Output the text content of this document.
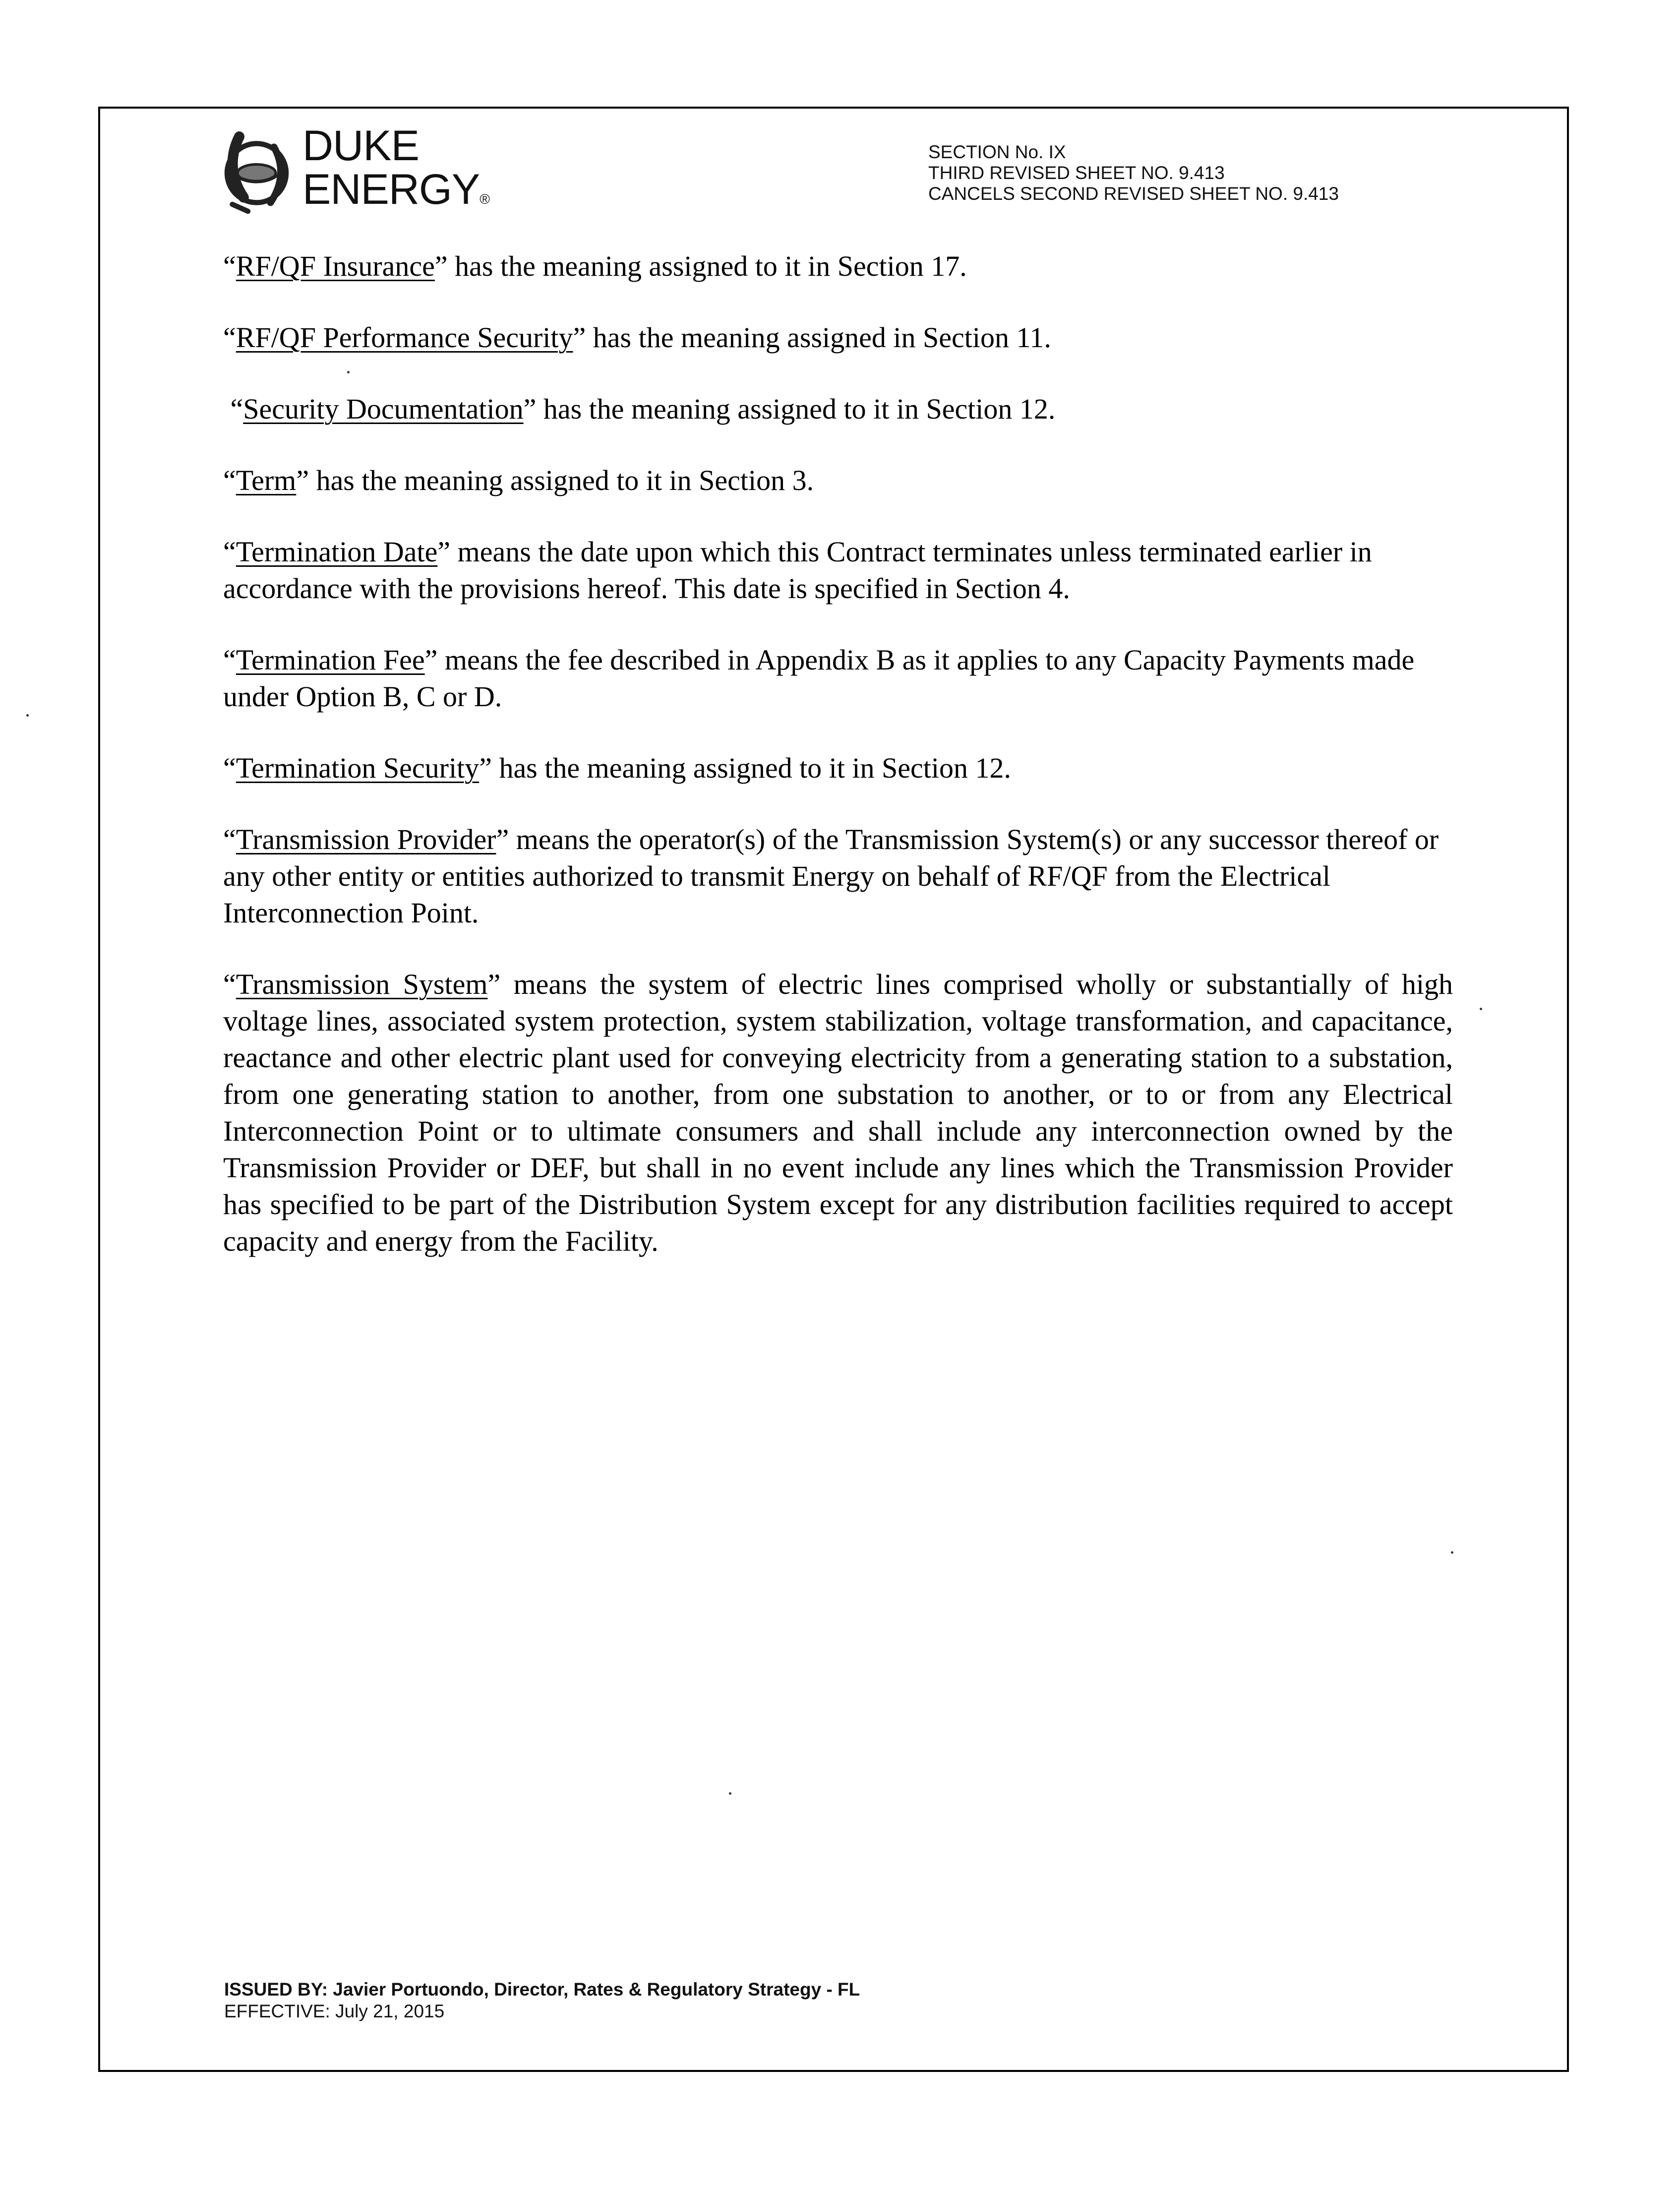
DUKE
ENERGY®
SECTION No. IX
THIRD REVISED SHEET NO. 9.413
CANCELS SECOND REVISED SHEET NO. 9.413

“RF/QF Insurance” has the meaning assigned to it in Section 17.

“RF/QF Performance Security” has the meaning assigned in Section 11.

“Security Documentation” has the meaning assigned to it in Section 12.

“Term” has the meaning assigned to it in Section 3.

“Termination Date” means the date upon which this Contract terminates unless terminated earlier in accordance with the provisions hereof. This date is specified in Section 4.

“Termination Fee” means the fee described in Appendix B as it applies to any Capacity Payments made under Option B, C or D.

“Termination Security” has the meaning assigned to it in Section 12.

“Transmission Provider” means the operator(s) of the Transmission System(s) or any successor thereof or any other entity or entities authorized to transmit Energy on behalf of RF/QF from the Electrical Interconnection Point.

“Transmission System” means the system of electric lines comprised wholly or substantially of high voltage lines, associated system protection, system stabilization, voltage transformation, and capacitance, reactance and other electric plant used for conveying electricity from a generating station to a substation, from one generating station to another, from one substation to another, or to or from any Electrical Interconnection Point or to ultimate consumers and shall include any interconnection owned by the Transmission Provider or DEF, but shall in no event include any lines which the Transmission Provider has specified to be part of the Distribution System except for any distribution facilities required to accept capacity and energy from the Facility.

ISSUED BY: Javier Portuondo, Director, Rates & Regulatory Strategy - FL
EFFECTIVE: July 21, 2015
